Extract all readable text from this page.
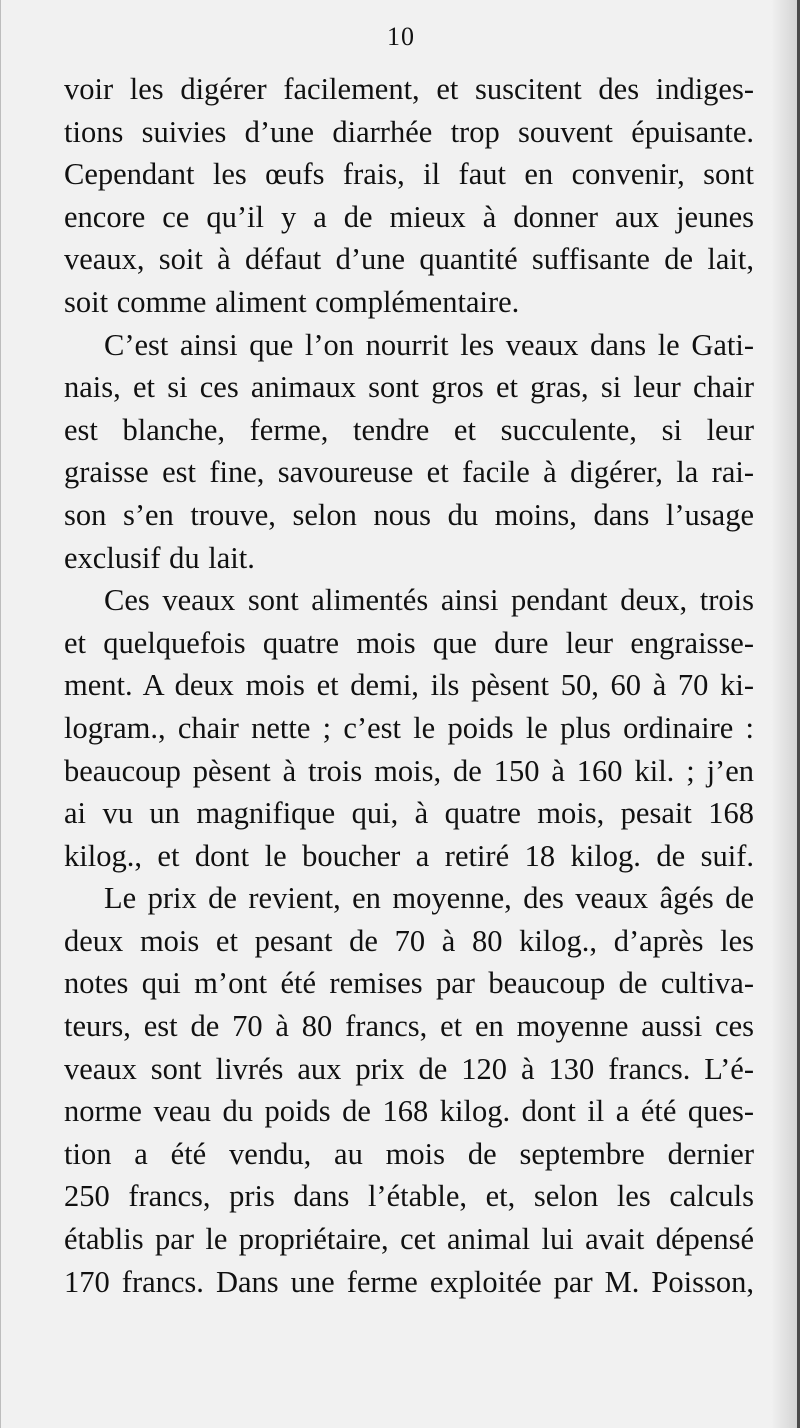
10
voir les digérer facilement, et suscitent des indiges-
tions suivies d’une diarrhée trop souvent épuisante.
Cependant les œufs frais, il faut en convenir, sont
encore ce qu’il y a de mieux à donner aux jeunes
veaux, soit à défaut d’une quantité suffisante de lait,
soit comme aliment complémentaire.
C’est ainsi que l’on nourrit les veaux dans le Gati-
nais, et si ces animaux sont gros et gras, si leur chair
est blanche, ferme, tendre et succulente, si leur
graisse est fine, savoureuse et facile à digérer, la rai-
son s’en trouve, selon nous du moins, dans l’usage
exclusif du lait.
Ces veaux sont alimentés ainsi pendant deux, trois
et quelquefois quatre mois que dure leur engraisse-
ment. A deux mois et demi, ils pèsent 50, 60 à 70 ki-
logram., chair nette ; c’est le poids le plus ordinaire :
beaucoup pèsent à trois mois, de 150 à 160 kil. ; j’en
ai vu un magnifique qui, à quatre mois, pesait 168
kilog., et dont le boucher a retiré 18 kilog. de suif.
Le prix de revient, en moyenne, des veaux âgés de
deux mois et pesant de 70 à 80 kilog., d’après les
notes qui m’ont été remises par beaucoup de cultiva-
teurs, est de 70 à 80 francs, et en moyenne aussi ces
veaux sont livrés aux prix de 120 à 130 francs. L’é-
norme veau du poids de 168 kilog. dont il a été ques-
tion a été vendu, au mois de septembre dernier
250 francs, pris dans l’étable, et, selon les calculs
établis par le propriétaire, cet animal lui avait dépensé
170 francs. Dans une ferme exploitée par M. Poisson,
